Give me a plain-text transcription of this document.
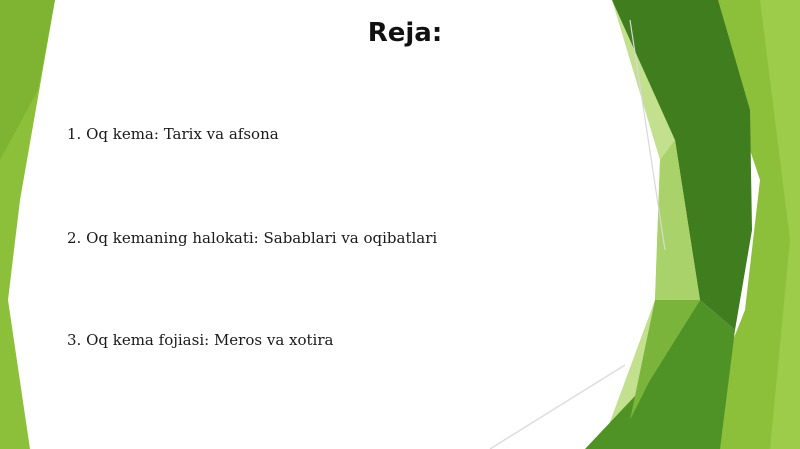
Reja:
1. Oq kema: Tarix va afsona
2. Oq kemaning halokati: Sabablari va oqibatlari
3. Oq kema fojiasi: Meros va xotira
